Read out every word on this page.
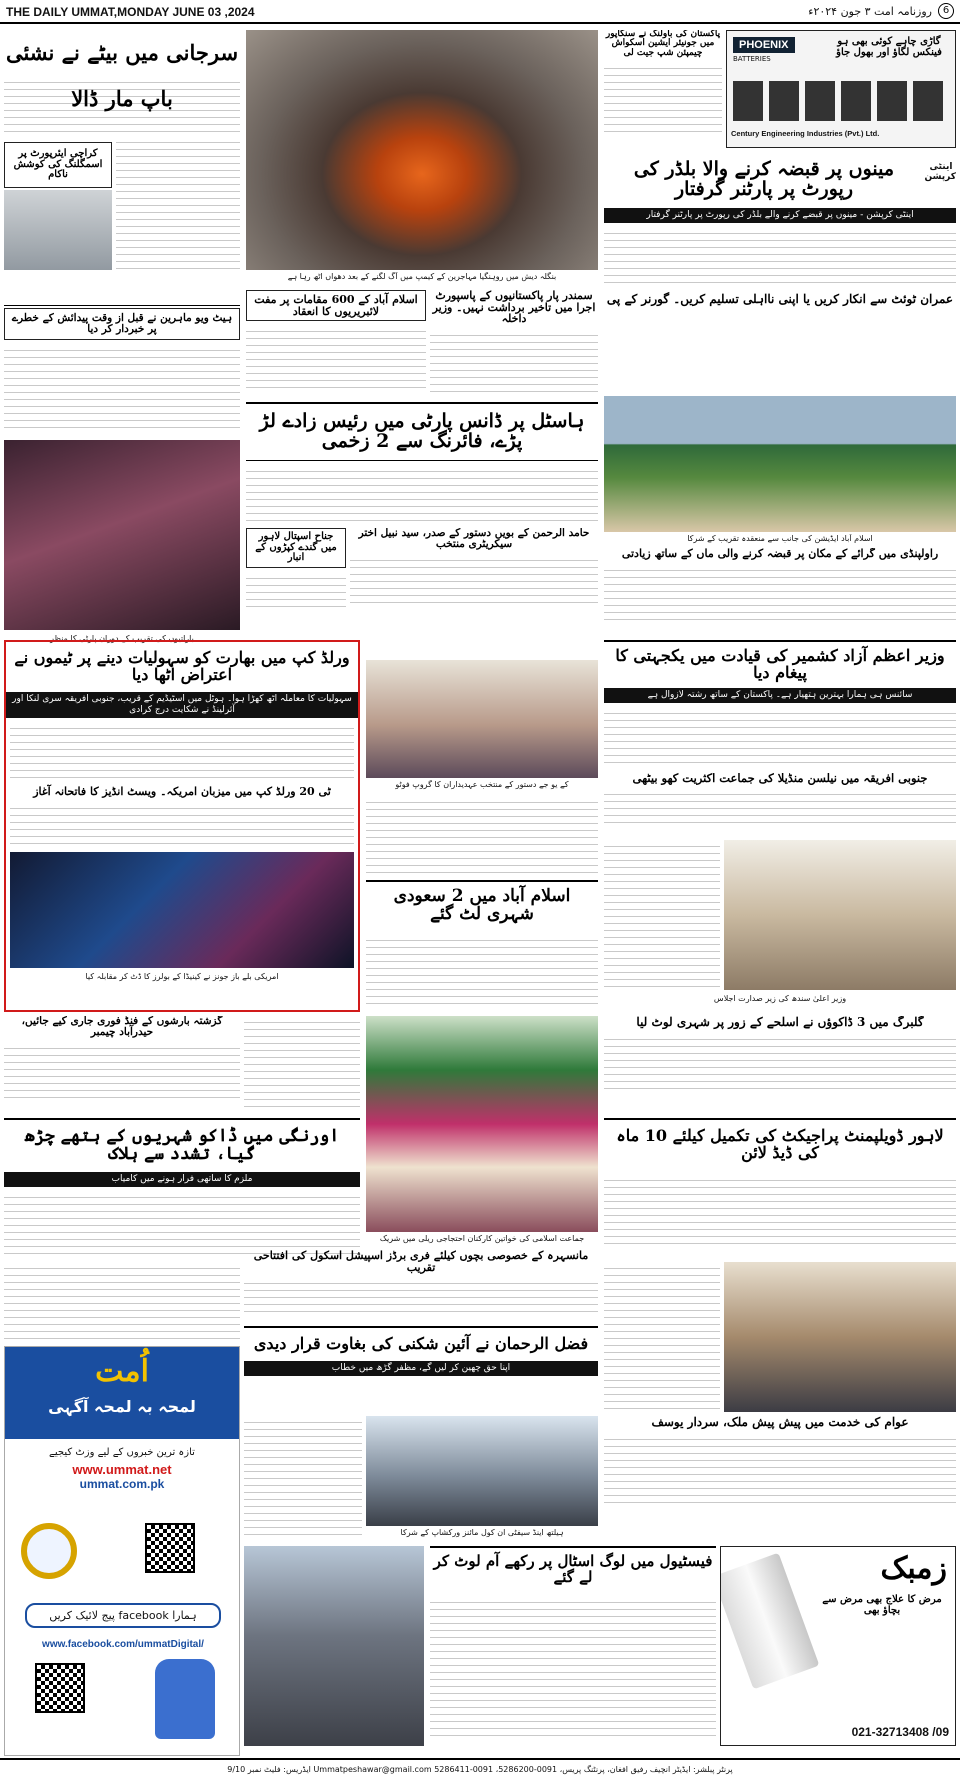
THE DAILY UMMAT,MONDAY JUNE 03 ,2024	روزنامہ امت ۳ جون ۲۰۲۴ء	6
سرجانی میں بیٹے نے نشئی باپ مار ڈالا
کراچی ایئرپورٹ پر اسمگلنگ کی کوشش ناکام
ہیٹ ویو ماہرین نے قبل از وقت پیدائش کے خطرے پر خبردار کر دیا
باراتیوں کی تقریب کے دوران پارٹی کا منظر
بنگلہ دیش میں روہنگیا مہاجرین کے کیمپ میں آگ لگنے کے بعد دھواں اٹھ رہا ہے
سمندر پار پاکستانیوں کے پاسپورٹ اجرا میں تاخیر برداشت نہیں۔ وزیر داخلہ
اسلام آباد کے 600 مقامات پر مفت لائبریریوں کا انعقاد
ہاسٹل پر ڈانس پارٹی میں رئیس زادے لڑ پڑے، فائرنگ سے 2 زخمی
جناح اسپتال لاہور میں گندے کپڑوں کے انبار
حامد الرحمن کے بویں دستور کے صدر، سید نبیل اختر سیکریٹری منتخب
PHOENIX
BATTERIES
گاڑی چاہے کوئی بھی ہو فینکس لگاؤ اور بھول جاؤ
Century Engineering Industries (Pvt.) Ltd.
پاکستان کی باولنگ نے سنگاپور میں جونیئر ایشین اسکواش چیمپئن شپ جیت لی
اینٹی کرپشن
مینوں پر قبضہ کرنے والا بلڈر کی رپورٹ پر پارٹنر گرفتار
اینٹی کرپشن - مینوں پر قبضے کرنے والے بلڈر کی رپورٹ پر پارٹنر گرفتار
عمران ٹوئٹ سے انکار کریں یا اپنی نااہلی تسلیم کریں۔ گورنر کے پی
اسلام آباد ایڈیشن کی جانب سے منعقدہ تقریب کے شرکا
راولپنڈی میں گرائے کے مکان پر قبضہ کرنے والی ماں کے ساتھ زیادتی
ورلڈ کپ میں بھارت کو سہولیات دینے پر ٹیموں نے اعتراض اٹھا دیا
سہولیات کا معاملہ اٹھ کھڑا ہوا۔ ہوٹل میں اسٹیڈیم کے قریب، جنوبی افریقہ سری لنکا اور آئرلینڈ نے شکایت درج کرادی
ٹی 20 ورلڈ کپ میں میزبان امریکہ۔ ویسٹ انڈیز کا فاتحانہ آغاز
امریکی بلے باز جونز نے کینیڈا کے بولرز کا ڈٹ کر مقابلہ کیا
کے یو جے دستور کے منتخب عہدیداران کا گروپ فوٹو
اسلام آباد میں 2 سعودی شہری لٹ گئے
وزیر اعظم آزاد کشمیر کی قیادت میں یکجہتی کا پیغام دیا
سائنس ہی ہمارا بہترین ہتھیار ہے۔ پاکستان کے ساتھ رشتہ لازوال ہے
جنوبی افریقہ میں نیلسن منڈیلا کی جماعت اکثریت کھو بیٹھی
وزیر اعلیٰ سندھ کی زیر صدارت اجلاس
گزشتہ بارشوں کے فنڈ فوری جاری کیے جائیں، حیدرآباد چیمبر
جماعت اسلامی کی خواتین کارکنان احتجاجی ریلی میں شریک
گلبرگ میں 3 ڈاکوؤں نے اسلحے کے زور پر شہری لوٹ لیا
اورنگی میں ڈاکو شہریوں کے ہتھے چڑھ گیا، تشدد سے ہلاک
ملزم کا ساتھی فرار ہونے میں کامیاب
لاہور ڈویلپمنٹ پراجیکٹ کی تکمیل کیلئے 10 ماہ کی ڈیڈ لائن
مانسہرہ کے خصوصی بچوں کیلئے فری برڈز اسپیشل اسکول کی افتتاحی تقریب
فضل الرحمان نے آئین شکنی کی بغاوت قرار دیدی
اپنا حق چھین کر لیں گے، مظفر گڑھ میں خطاب
اُمت
لمحہ بہ لمحہ آگہی
تازہ ترین خبروں کے لیے وزٹ کیجیے
www.ummat.net
ummat.com.pk
ہمارا facebook پیج لائیک کریں
www.facebook.com/ummatDigital/
ہیلتھ اینڈ سیفٹی ان کول مائنز ورکشاپ کے شرکا
عوام کی خدمت میں پیش پیش ملک، سردار یوسف
فیسٹیول میں لوگ اسٹال پر رکھے آم لوٹ کر لے گئے	زمبک
مرض کا علاج بھی مرض سے بچاؤ بھی
021-32713408 /09
پرنٹر پبلشر: ایڈیٹر انچیف رفیق افغان، پرنٹنگ پریس، 0091-5286200، 0091-5286411 Ummatpeshawar@gmail.com ایڈریس: فلیٹ نمبر 9/10
